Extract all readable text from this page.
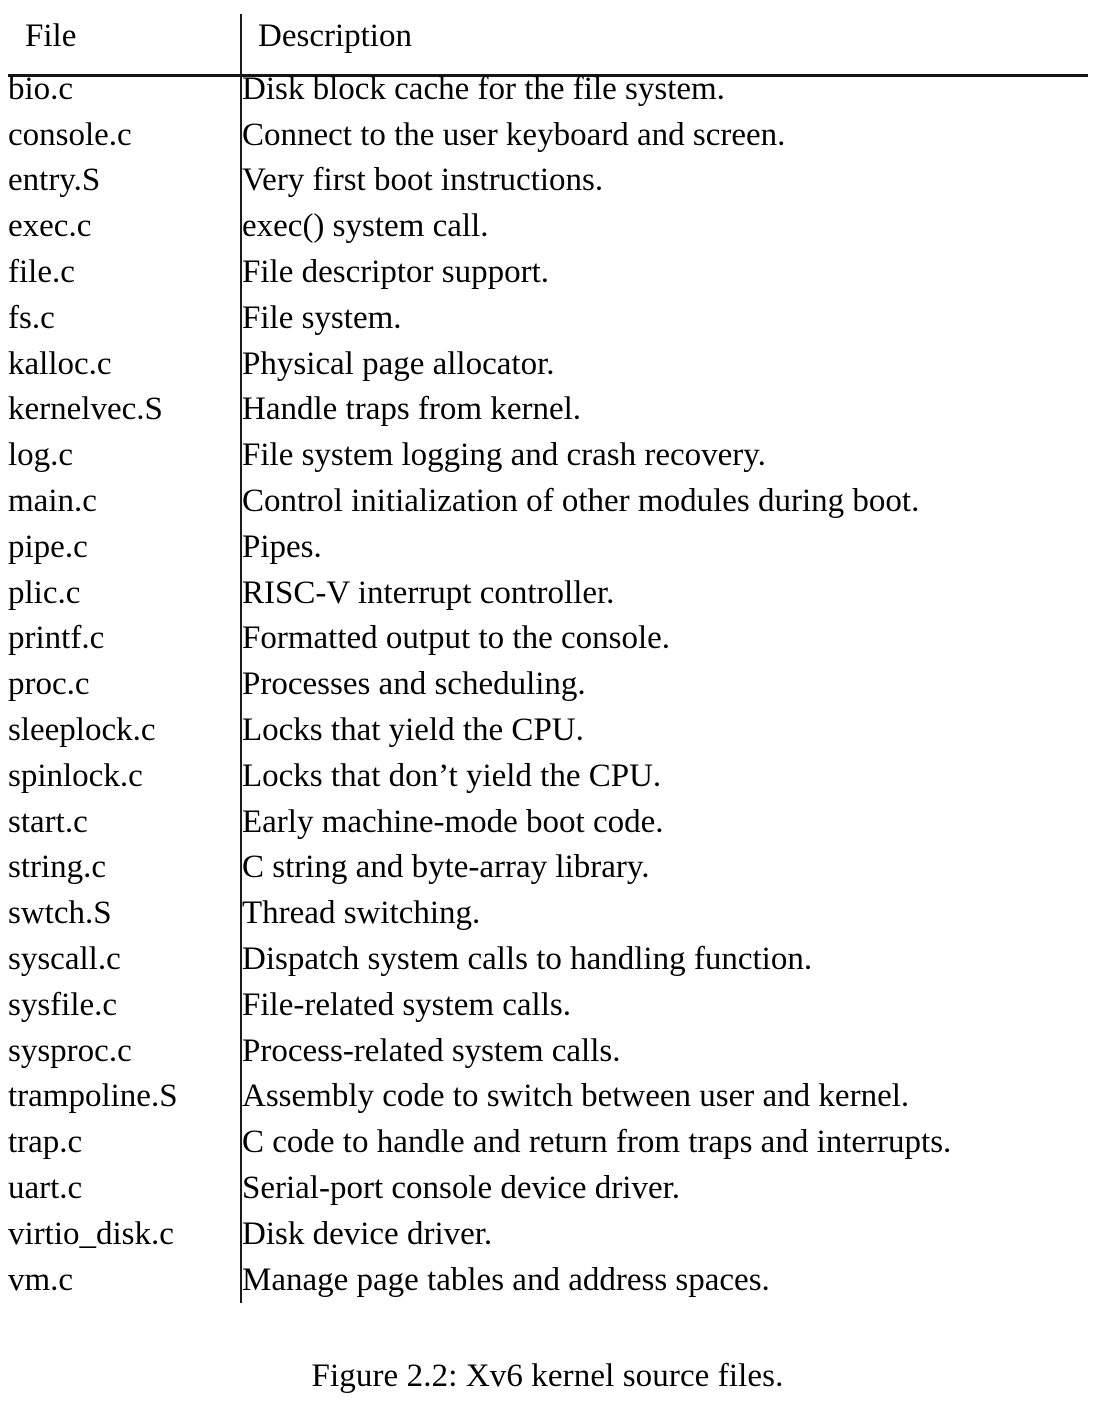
File	Description
bio.c	Disk block cache for the file system.
console.c	Connect to the user keyboard and screen.
entry.S	Very first boot instructions.
exec.c	exec() system call.
file.c	File descriptor support.
fs.c	File system.
kalloc.c	Physical page allocator.
kernelvec.S	Handle traps from kernel.
log.c	File system logging and crash recovery.
main.c	Control initialization of other modules during boot.
pipe.c	Pipes.
plic.c	RISC-V interrupt controller.
printf.c	Formatted output to the console.
proc.c	Processes and scheduling.
sleeplock.c	Locks that yield the CPU.
spinlock.c	Locks that don’t yield the CPU.
start.c	Early machine-mode boot code.
string.c	C string and byte-array library.
swtch.S	Thread switching.
syscall.c	Dispatch system calls to handling function.
sysfile.c	File-related system calls.
sysproc.c	Process-related system calls.
trampoline.S	Assembly code to switch between user and kernel.
trap.c	C code to handle and return from traps and interrupts.
uart.c	Serial-port console device driver.
virtio_disk.c	Disk device driver.
vm.c	Manage page tables and address spaces.
Figure 2.2: Xv6 kernel source files.
